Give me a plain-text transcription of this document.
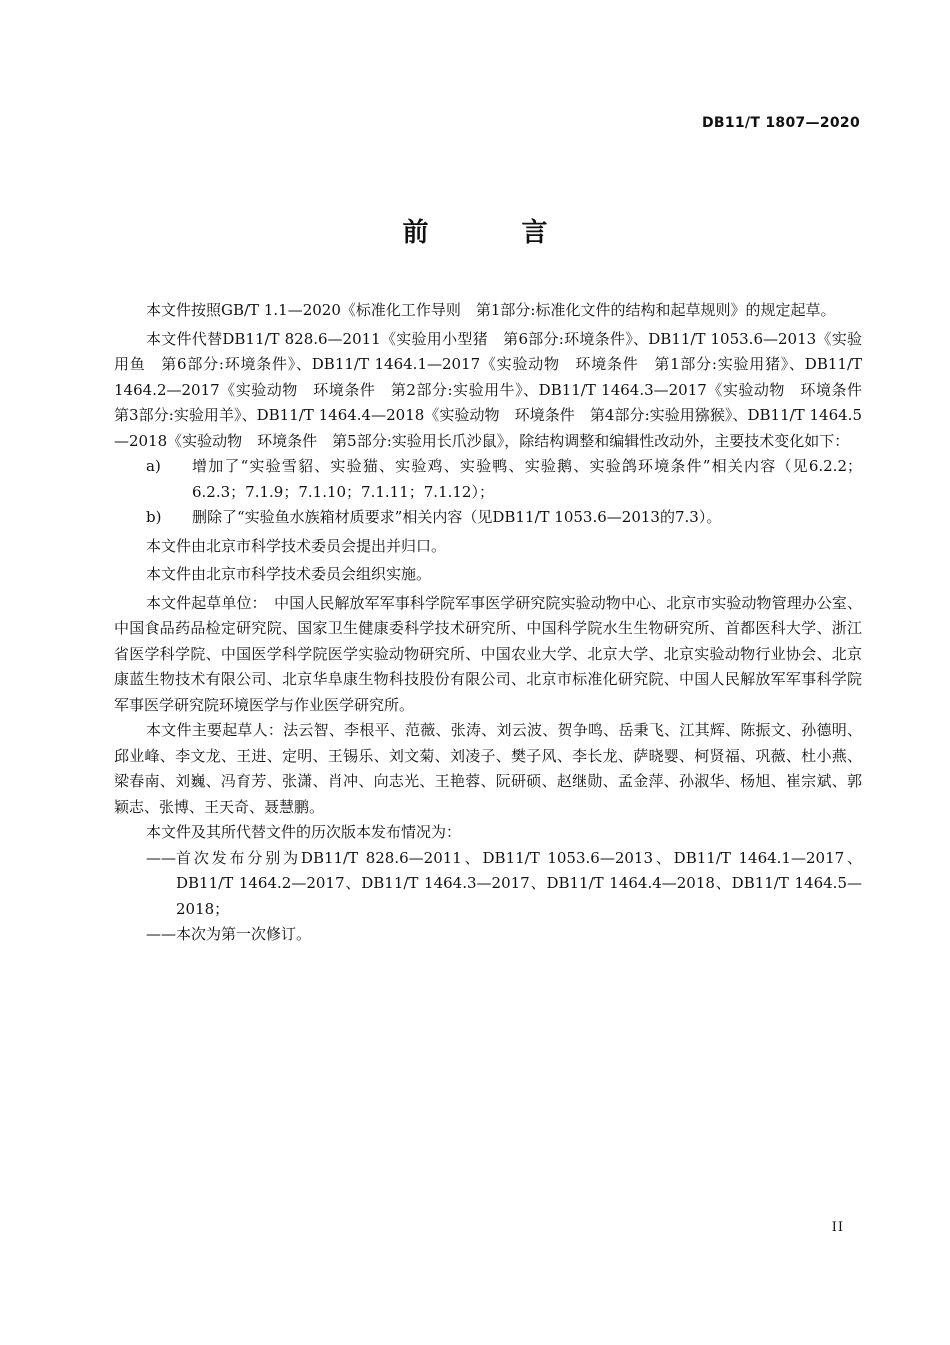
DB11/T 1807—2020
前 言

本文件按照GB/T 1.1—2020《标准化工作导则　第1部分:标准化文件的结构和起草规则》的规定起草。

本文件代替DB11/T 828.6—2011《实验用小型猪　第6部分:环境条件》、DB11/T 1053.6—2013《实验用鱼　第6部分:环境条件》、DB11/T 1464.1—2017《实验动物　环境条件　第1部分:实验用猪》、DB11/T 1464.2—2017《实验动物　环境条件　第2部分:实验用牛》、DB11/T 1464.3—2017《实验动物　环境条件　第3部分:实验用羊》、DB11/T 1464.4—2018《实验动物　环境条件　第4部分:实验用猕猴》、DB11/T 1464.5—2018《实验动物　环境条件　第5部分:实验用长爪沙鼠》，除结构调整和编辑性改动外，主要技术变化如下：

a)	增加了“实验雪貂、实验猫、实验鸡、实验鸭、实验鹅、实验鸽环境条件”相关内容（见6.2.2；6.2.3；7.1.9；7.1.10；7.1.11；7.1.12）；
b)	删除了“实验鱼水族箱材质要求”相关内容（见DB11/T 1053.6—2013的7.3）。

本文件由北京市科学技术委员会提出并归口。

本文件由北京市科学技术委员会组织实施。

本文件起草单位：　中国人民解放军军事科学院军事医学研究院实验动物中心、北京市实验动物管理办公室、中国食品药品检定研究院、国家卫生健康委科学技术研究所、中国科学院水生生物研究所、首都医科大学、浙江省医学科学院、中国医学科学院医学实验动物研究所、中国农业大学、北京大学、北京实验动物行业协会、北京康蓝生物技术有限公司、北京华阜康生物科技股份有限公司、北京市标准化研究院、中国人民解放军军事科学院军事医学研究院环境医学与作业医学研究所。

本文件主要起草人：法云智、李根平、范薇、张涛、刘云波、贺争鸣、岳秉飞、江其辉、陈振文、孙德明、邱业峰、李文龙、王进、定明、王锡乐、刘文菊、刘凌子、樊子风、李长龙、萨晓婴、柯贤福、巩薇、杜小燕、梁春南、刘巍、冯育芳、张潇、肖冲、向志光、王艳蓉、阮研硕、赵继勋、孟金萍、孙淑华、杨旭、崔宗斌、郭颖志、张博、王天奇、聂慧鹏。

本文件及其所代替文件的历次版本发布情况为：

—— 首次发布分别为DB11/T 828.6—2011、DB11/T 1053.6—2013、DB11/T 1464.1—2017、DB11/T 1464.2—2017、DB11/T 1464.3—2017、DB11/T 1464.4—2018、DB11/T 1464.5—2018；
—— 本次为第一次修订。
II
